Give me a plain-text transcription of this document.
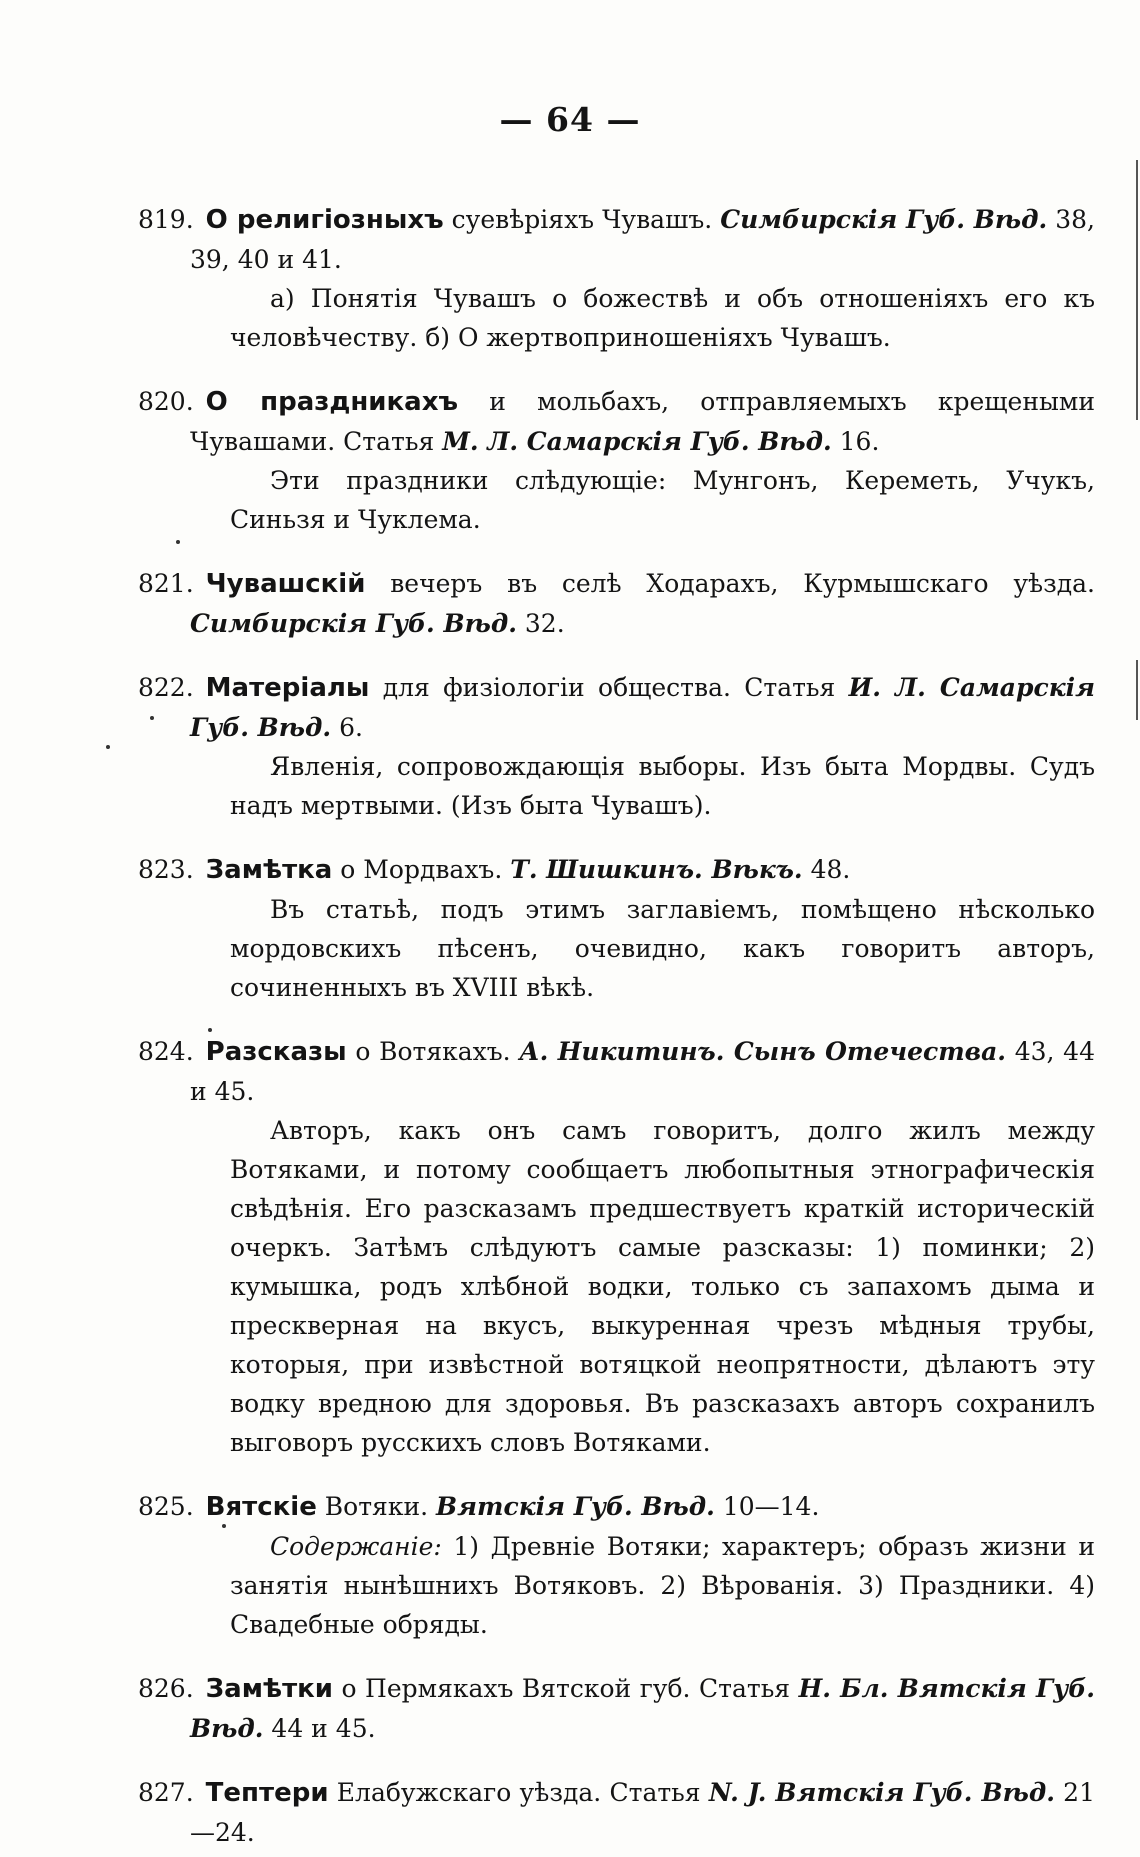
— 64 —

819. О религіозныхъ суевѣріяхъ Чувашъ. Симбирскія Губ. Вѣд. 38, 39, 40 и 41.

а) Понятія Чувашъ о божествѣ и объ отношеніяхъ его къ человѣчеству. б) О жертвоприношеніяхъ Чувашъ.

820. О праздникахъ и мольбахъ, отправляемыхъ крещеными Чувашами. Статья М. Л. Самарскія Губ. Вѣд. 16.

Эти праздники слѣдующіе: Мунгонъ, Кереметь, Учукъ, Синьзя и Чуклема.

821. Чувашскій вечеръ въ селѣ Ходарахъ, Курмышскаго уѣзда. Симбирскія Губ. Вѣд. 32.

822. Матеріалы для физіологіи общества. Статья И. Л. Самарскія Губ. Вѣд. 6.

Явленія, сопровождающія выборы. Изъ быта Мордвы. Судъ надъ мертвыми. (Изъ быта Чувашъ).

823. Замѣтка о Мордвахъ. Т. Шишкинъ. Вѣкъ. 48.

Въ статьѣ, подъ этимъ заглавіемъ, помѣщено нѣсколько мордовскихъ пѣсенъ, очевидно, какъ говоритъ авторъ, сочиненныхъ въ XVIII вѣкѣ.

824. Разсказы о Вотякахъ. А. Никитинъ. Сынъ Отечества. 43, 44 и 45.

Авторъ, какъ онъ самъ говоритъ, долго жилъ между Вотяками, и потому сообщаетъ любопытныя этнографическія свѣдѣнія. Его разсказамъ предшествуетъ краткій историческій очеркъ. Затѣмъ слѣдуютъ самые разсказы: 1) поминки; 2) кумышка, родъ хлѣбной водки, только съ запахомъ дыма и прескверная на вкусъ, выкуренная чрезъ мѣдныя трубы, которыя, при извѣстной вотяцкой неопрятности, дѣлаютъ эту водку вредною для здоровья. Въ разсказахъ авторъ сохранилъ выговоръ русскихъ словъ Вотяками.

825. Вятскіе Вотяки. Вятскія Губ. Вѣд. 10—14.

Содержаніе: 1) Древніе Вотяки; характеръ; образъ жизни и занятія нынѣшнихъ Вотяковъ. 2) Вѣрованія. 3) Праздники. 4) Свадебные обряды.

826. Замѣтки о Пермякахъ Вятской губ. Статья Н. Бл. Вятскія Губ. Вѣд. 44 и 45.

827. Тептери Елабужскаго уѣзда. Статья N. J. Вятскія Губ. Вѣд. 21—24.
